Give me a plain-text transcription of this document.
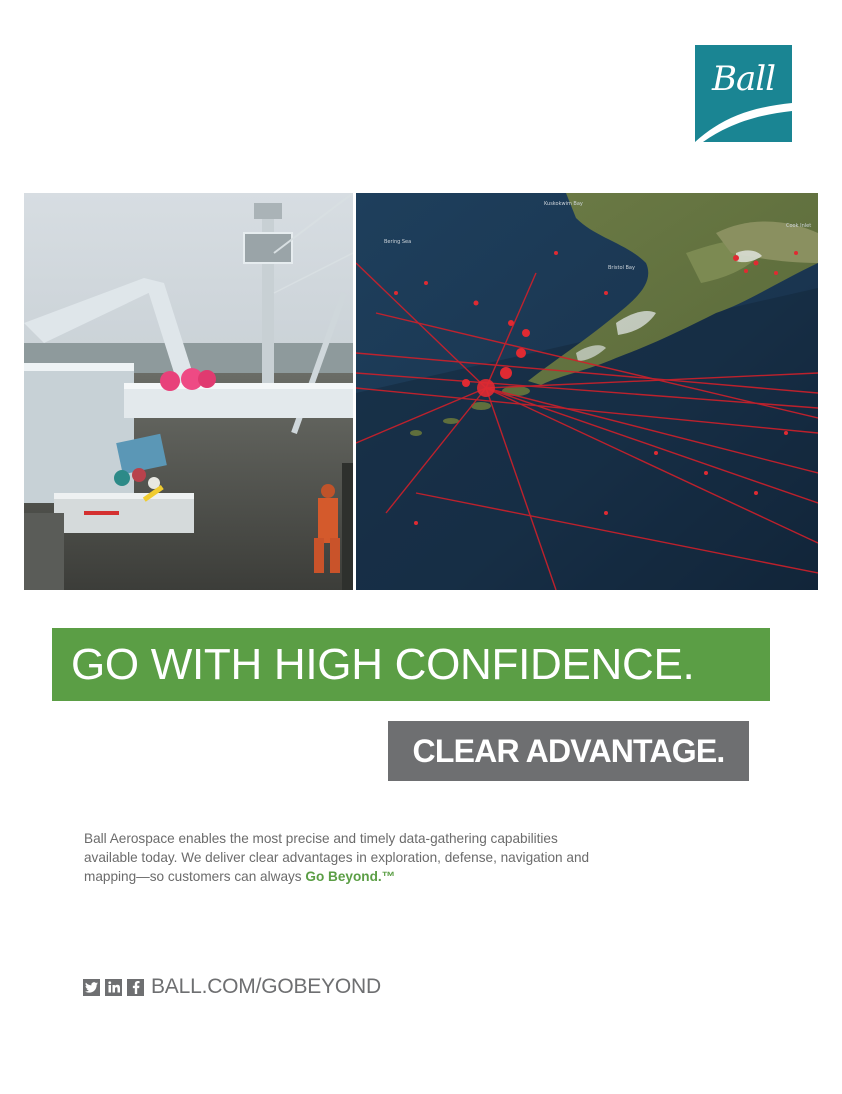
Ball
Kuskokwim Bay
Cook Inlet
Bering Sea
Bristol Bay
GO WITH HIGH CONFIDENCE.
CLEAR ADVANTAGE.

Ball Aerospace enables the most precise and timely data-gathering capabilities available today. We deliver clear advantages in exploration, defense, navigation and mapping—so customers can always Go Beyond.™

BALL.COM/GOBEYOND
